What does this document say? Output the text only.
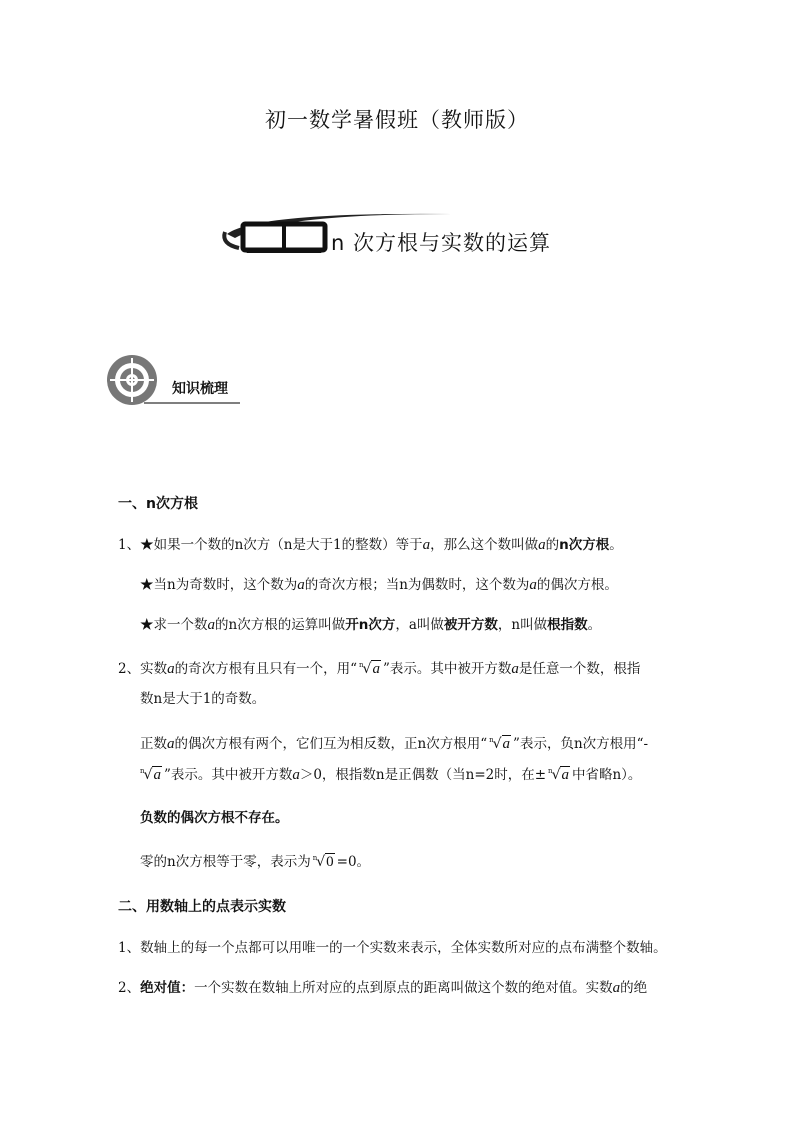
初一数学暑假班（教师版）
n 次方根与实数的运算
知识梳理
一、n次方根
1、★如果一个数的n次方（n是大于1的整数）等于a，那么这个数叫做a的n次方根。
★当n为奇数时，这个数为a的奇次方根；当n为偶数时，这个数为a的偶次方根。
★求一个数a的n次方根的运算叫做开n次方，a叫做被开方数，n叫做根指数。
2、实数a的奇次方根有且只有一个，用“ $^n$√a ”表示。其中被开方数a是任意一个数，根指
数n是大于1的奇数。
正数a的偶次方根有两个，它们互为相反数，正n次方根用“ $^n$√a ”表示，负n次方根用“-
$^n$√a ”表示。其中被开方数a＞0，根指数n是正偶数（当n=2时，在± $^n$√a 中省略n）。
负数的偶次方根不存在。
零的n次方根等于零，表示为 $^n$√0 =0。
二、用数轴上的点表示实数
1、数轴上的每一个点都可以用唯一的一个实数来表示，全体实数所对应的点布满整个数轴。
2、绝对值：一个实数在数轴上所对应的点到原点的距离叫做这个数的绝对值。实数a的绝
